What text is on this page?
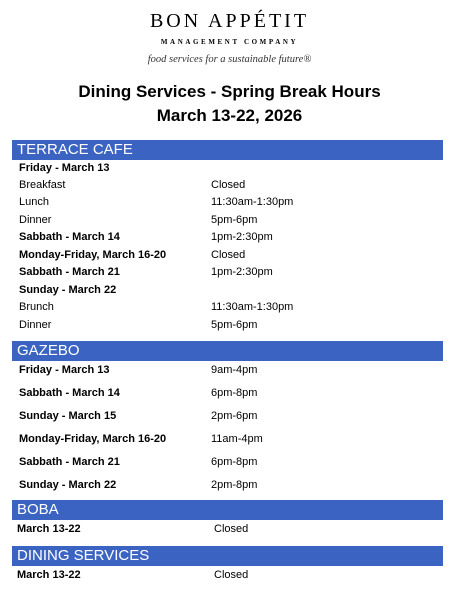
BON APPÉTIT
MANAGEMENT COMPANY
food services for a sustainable future®
Dining Services - Spring Break Hours
March 13-22, 2026
TERRACE CAFE
Friday - March 13
Breakfast	Closed
Lunch	11:30am-1:30pm
Dinner	5pm-6pm
Sabbath - March 14	1pm-2:30pm
Monday-Friday, March 16-20	Closed
Sabbath - March 21	1pm-2:30pm
Sunday - March 22
Brunch	11:30am-1:30pm
Dinner	5pm-6pm
GAZEBO
Friday - March 13	9am-4pm
Sabbath - March 14	6pm-8pm
Sunday - March 15	2pm-6pm
Monday-Friday, March 16-20	11am-4pm
Sabbath - March 21	6pm-8pm
Sunday - March 22	2pm-8pm
BOBA
March 13-22	Closed
DINING SERVICES
March 13-22	Closed
